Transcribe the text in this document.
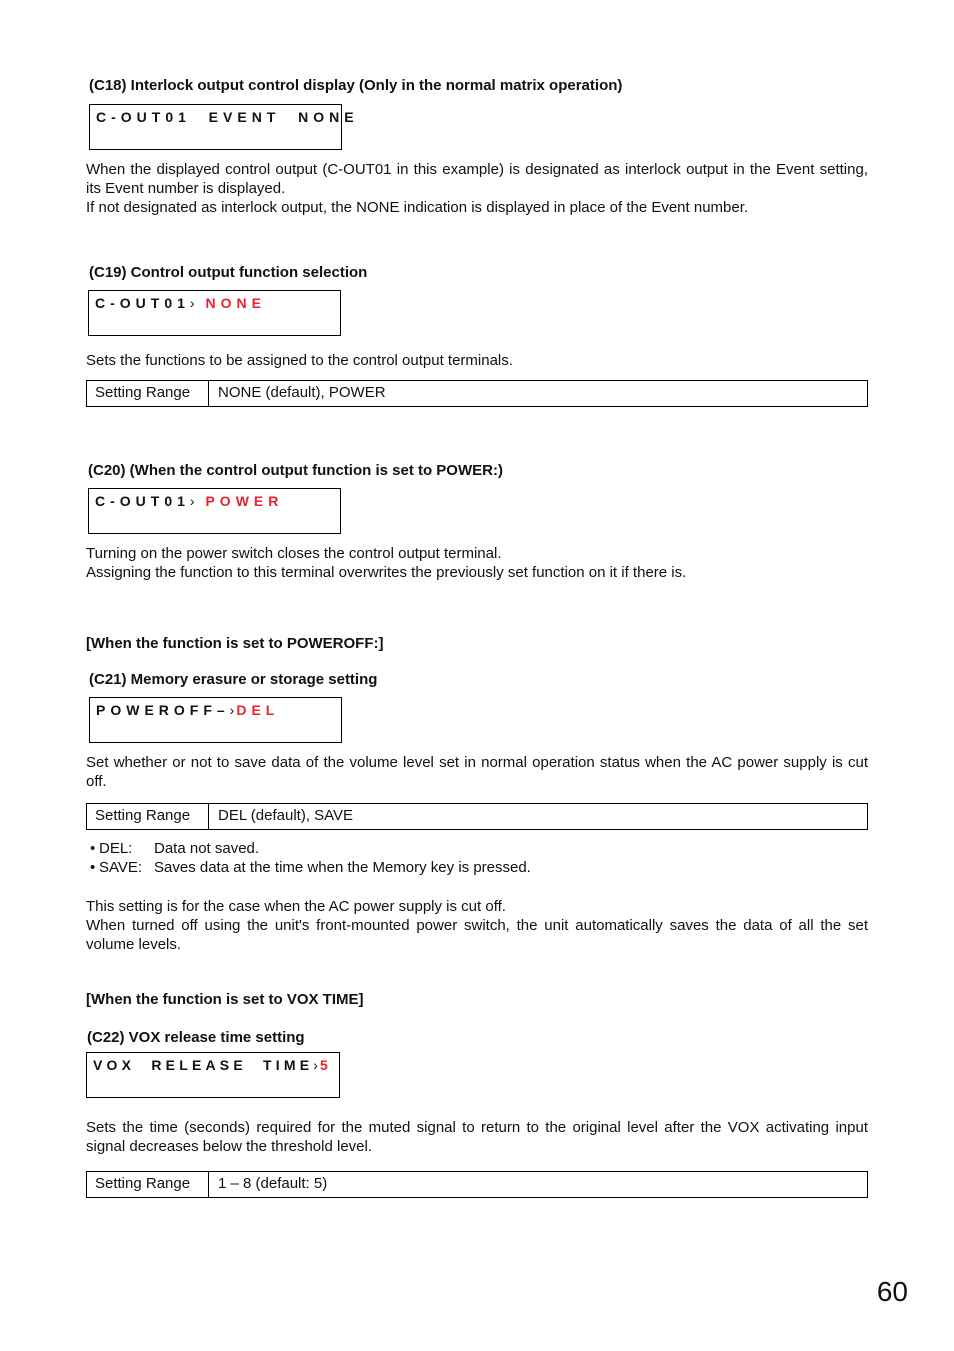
(C18) Interlock output control display (Only in the normal matrix operation)
C-OUT01  EVENT  NONE

When the displayed control output (C-OUT01 in this example) is designated as interlock output in the Event setting, its Event number is displayed.

If not designated as interlock output, the NONE indication is displayed in place of the Event number.

(C19) Control output function selection
C-OUT01› NONE
Sets the functions to be assigned to the control output terminals.
Setting Range	NONE (default), POWER
(C20) (When the control output function is set to POWER:)
C-OUT01› POWER

Turning on the power switch closes the control output terminal.

Assigning the function to this terminal overwrites the previously set function on it if there is.

[When the function is set to POWEROFF:]
(C21) Memory erasure or storage setting
POWEROFF–›DEL
Set whether or not to save data of the volume level set in normal operation status when the AC power supply is cut off.
Setting Range	DEL (default), SAVE
• DEL:	Data not saved.
• SAVE: Saves data at the time when the Memory key is pressed.

This setting is for the case when the AC power supply is cut off.

When turned off using the unit's front-mounted power switch, the unit automatically saves the data of all the set volume levels.

[When the function is set to VOX TIME]
(C22) VOX release time setting
VOX  RELEASE  TIME›5
Sets the time (seconds) required for the muted signal to return to the original level after the VOX activating input signal decreases below the threshold level.
Setting Range	1 – 8 (default: 5)
60
